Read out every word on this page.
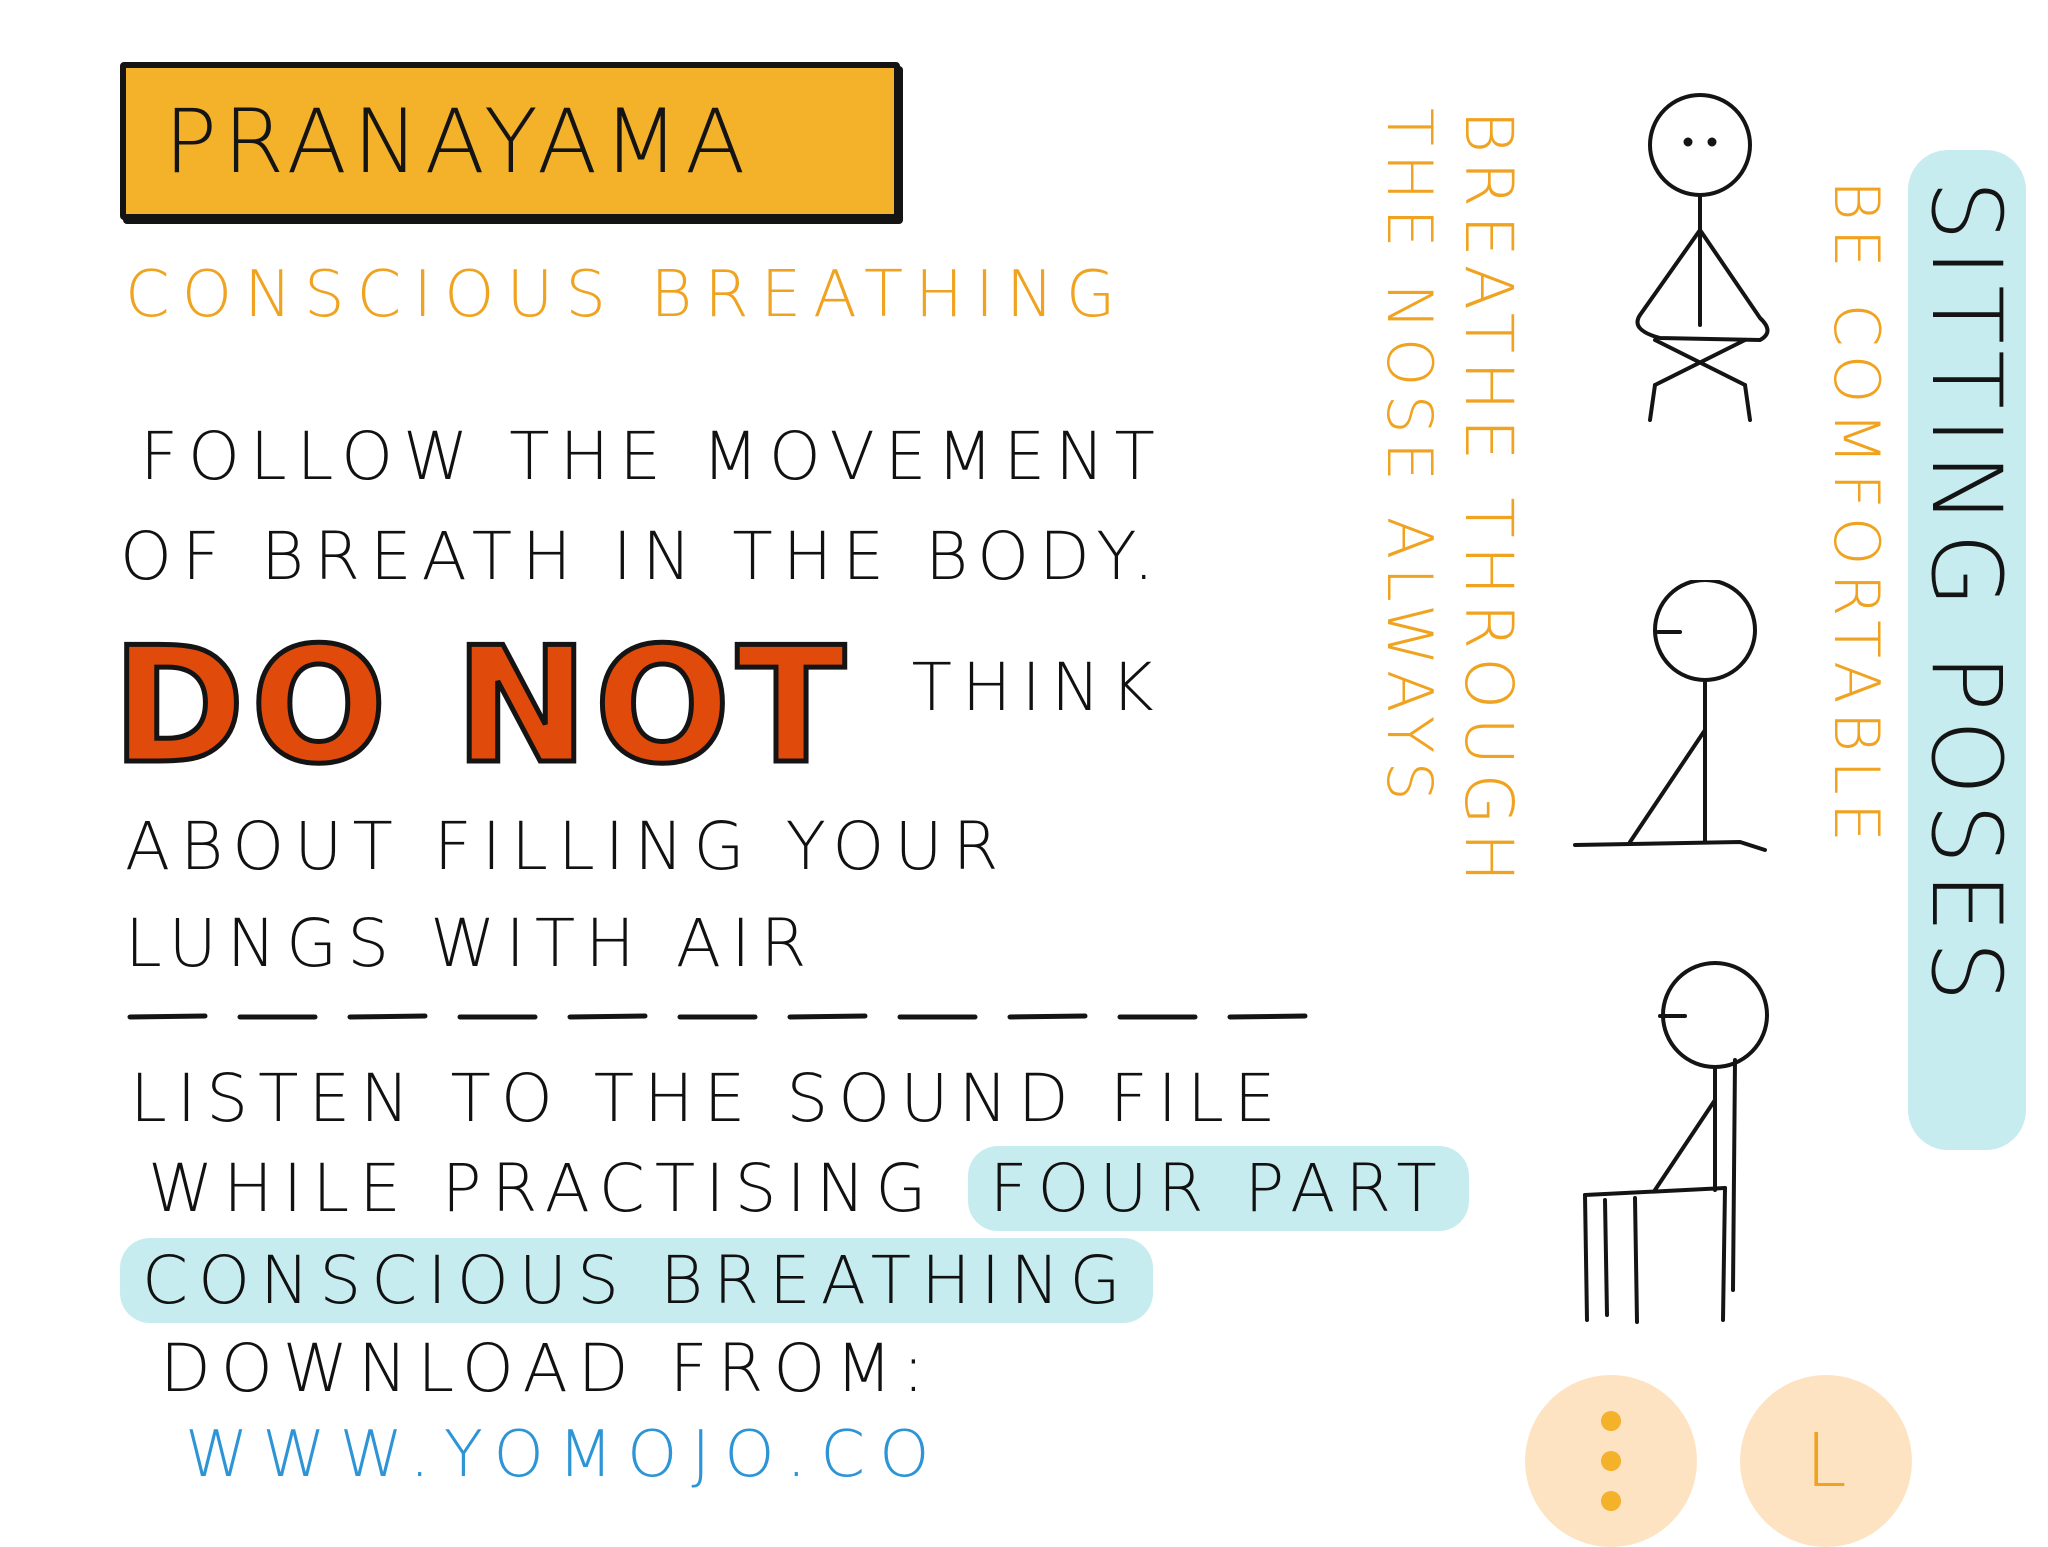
PRANAYAMA
CONSCIOUS BREATHING
FOLLOW THE MOVEMENT
OF BREATH IN THE BODY.
DO NOT THINK
ABOUT FILLING YOUR
LUNGS WITH AIR
LISTEN TO THE SOUND FILE
WHILE PRACTISING FOUR PART
CONSCIOUS BREATHING
DOWNLOAD FROM:
WWW.YOMOJO.CO
BREATHE THROUGH
THE NOSE ALWAYS	BE COMFORTABLE SITTING POSES
L
